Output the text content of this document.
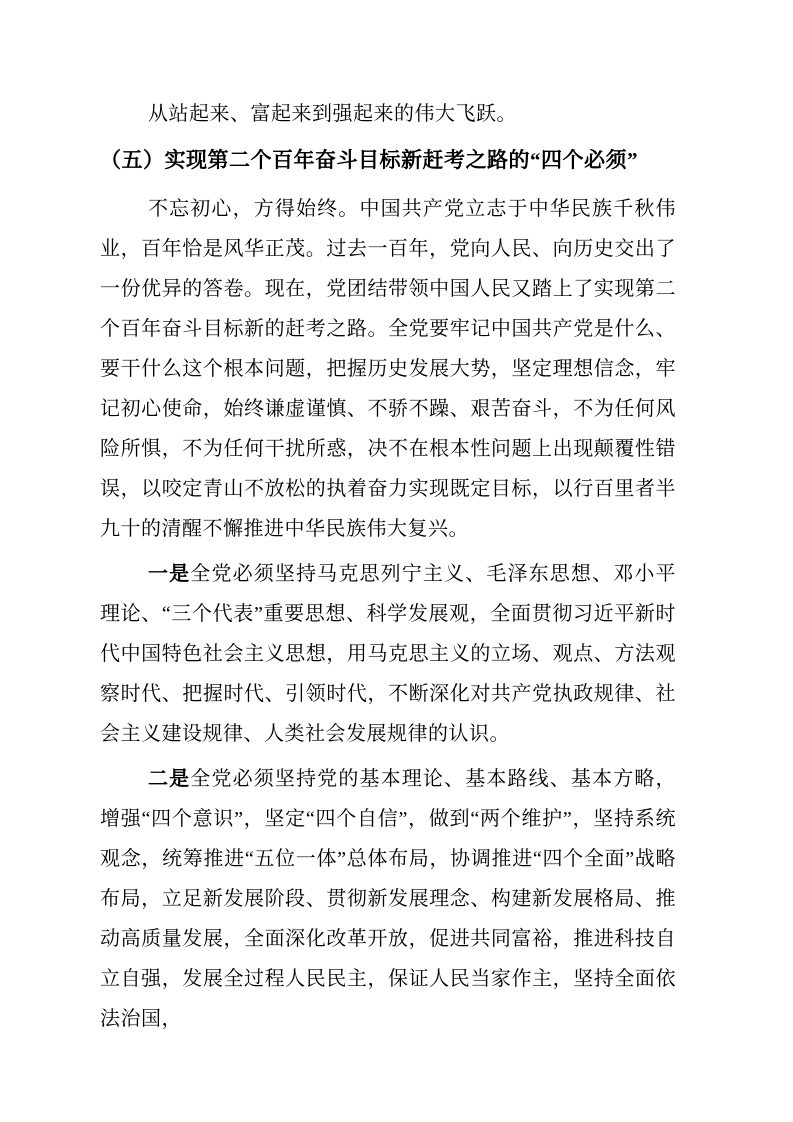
从站起来、富起来到强起来的伟大飞跃。

（五）实现第二个百年奋斗目标新赶考之路的“四个必须”

不忘初心，方得始终。中国共产党立志于中华民族千秋伟业，百年恰是风华正茂。过去一百年，党向人民、向历史交出了一份优异的答卷。现在，党团结带领中国人民又踏上了实现第二个百年奋斗目标新的赶考之路。全党要牢记中国共产党是什么、要干什么这个根本问题，把握历史发展大势，坚定理想信念，牢记初心使命，始终谦虚谨慎、不骄不躁、艰苦奋斗，不为任何风险所惧，不为任何干扰所惑，决不在根本性问题上出现颠覆性错误，以咬定青山不放松的执着奋力实现既定目标，以行百里者半九十的清醒不懈推进中华民族伟大复兴。

一是全党必须坚持马克思列宁主义、毛泽东思想、邓小平理论、“三个代表”重要思想、科学发展观，全面贯彻习近平新时代中国特色社会主义思想，用马克思主义的立场、观点、方法观察时代、把握时代、引领时代，不断深化对共产党执政规律、社会主义建设规律、人类社会发展规律的认识。

二是全党必须坚持党的基本理论、基本路线、基本方略，增强“四个意识”，坚定“四个自信”，做到“两个维护”，坚持系统观念，统筹推进“五位一体”总体布局，协调推进“四个全面”战略布局，立足新发展阶段、贯彻新发展理念、构建新发展格局、推动高质量发展，全面深化改革开放，促进共同富裕，推进科技自立自强，发展全过程人民民主，保证人民当家作主，坚持全面依法治国，
